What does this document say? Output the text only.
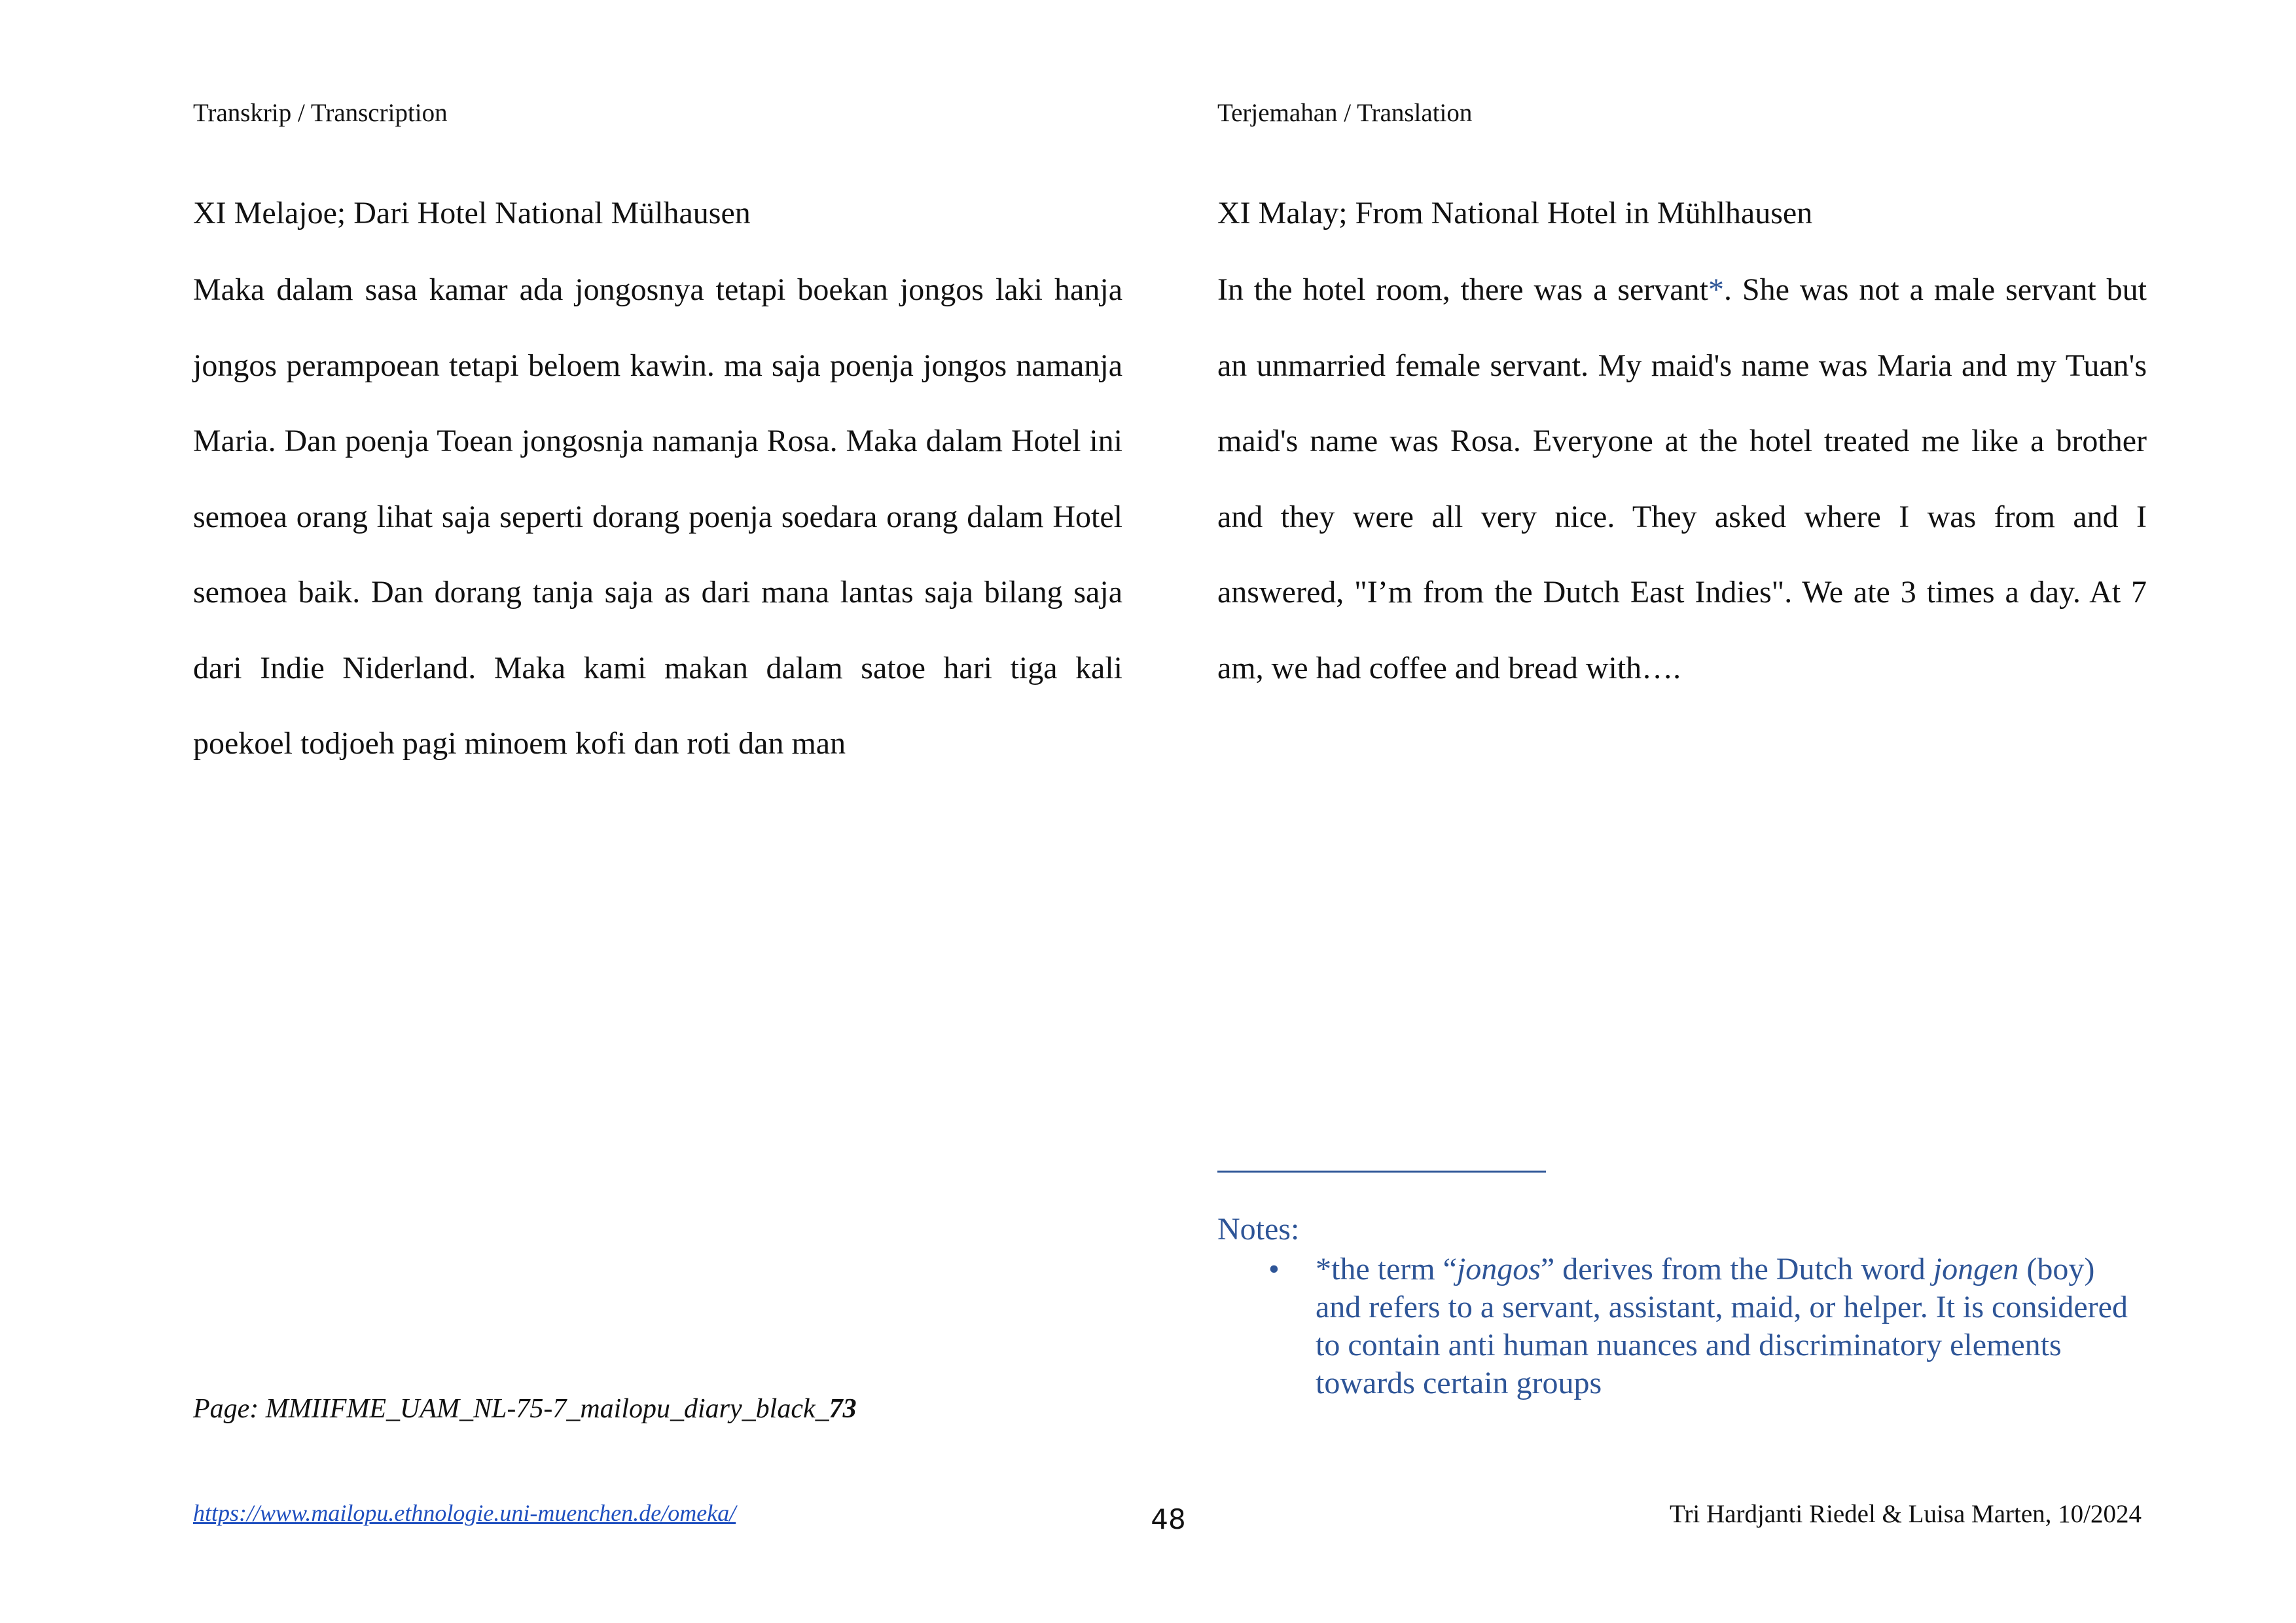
Transkrip / Transcription	Terjemahan / Translation
XI Melajoe; Dari Hotel National Mülhausen	XI Malay; From National Hotel in Mühlhausen
Maka dalam sasa kamar ada jongosnya tetapi boekan jongos laki hanja jongos perampoean tetapi beloem kawin. ma saja poenja jongos namanja Maria. Dan poenja Toean jongosnja namanja Rosa. Maka dalam Hotel ini semoea orang lihat saja seperti dorang poenja soedara orang dalam Hotel semoea baik. Dan dorang tanja saja as dari mana lantas saja bilang saja dari Indie Niderland. Maka kami makan dalam satoe hari tiga kali poekoel todjoeh pagi minoem kofi dan roti dan man
In the hotel room, there was a servant*. She was not a male servant but an unmarried female servant. My maid's name was Maria and my Tuan's maid's name was Rosa. Everyone at the hotel treated me like a brother and they were all very nice. They asked where I was from and I answered, "I’m from the Dutch East Indies". We ate 3 times a day. At 7 am, we had coffee and bread with….
Notes:
• *the term “jongos” derives from the Dutch word jongen (boy) and refers to a servant, assistant, maid, or helper. It is considered to contain anti human nuances and discriminatory elements towards certain groups
Page: MMIIFME_UAM_NL-75-7_mailopu_diary_black_73
https://www.mailopu.ethnologie.uni-muenchen.de/omeka/	48	Tri Hardjanti Riedel & Luisa Marten, 10/2024
